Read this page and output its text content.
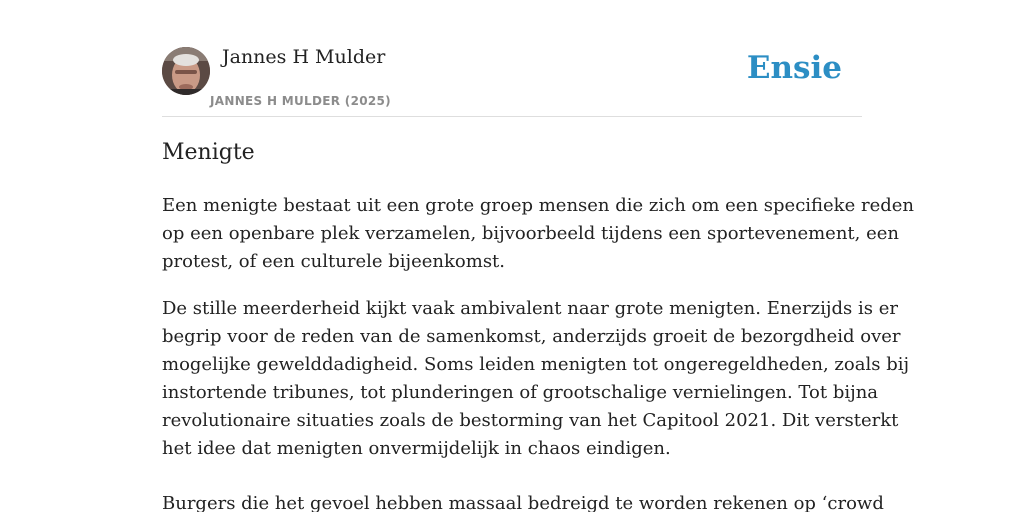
Jannes H Mulder
JANNES H MULDER (2025)
Ensie
Menigte

Een menigte bestaat uit een grote groep mensen die zich om een specifieke reden
op een openbare plek verzamelen, bijvoorbeeld tijdens een sportevenement, een
protest, of een culturele bijeenkomst.

De stille meerderheid kijkt vaak ambivalent naar grote menigten. Enerzijds is er
begrip voor de reden van de samenkomst, anderzijds groeit de bezorgdheid over
mogelijke gewelddadigheid. Soms leiden menigten tot ongeregeldheden, zoals bij
instortende tribunes, tot plunderingen of grootschalige vernielingen. Tot bijna
revolutionaire situaties zoals de bestorming van het Capitool 2021. Dit versterkt
het idee dat menigten onvermijdelijk in chaos eindigen.

Burgers die het gevoel hebben massaal bedreigd te worden rekenen op ‘crowd
